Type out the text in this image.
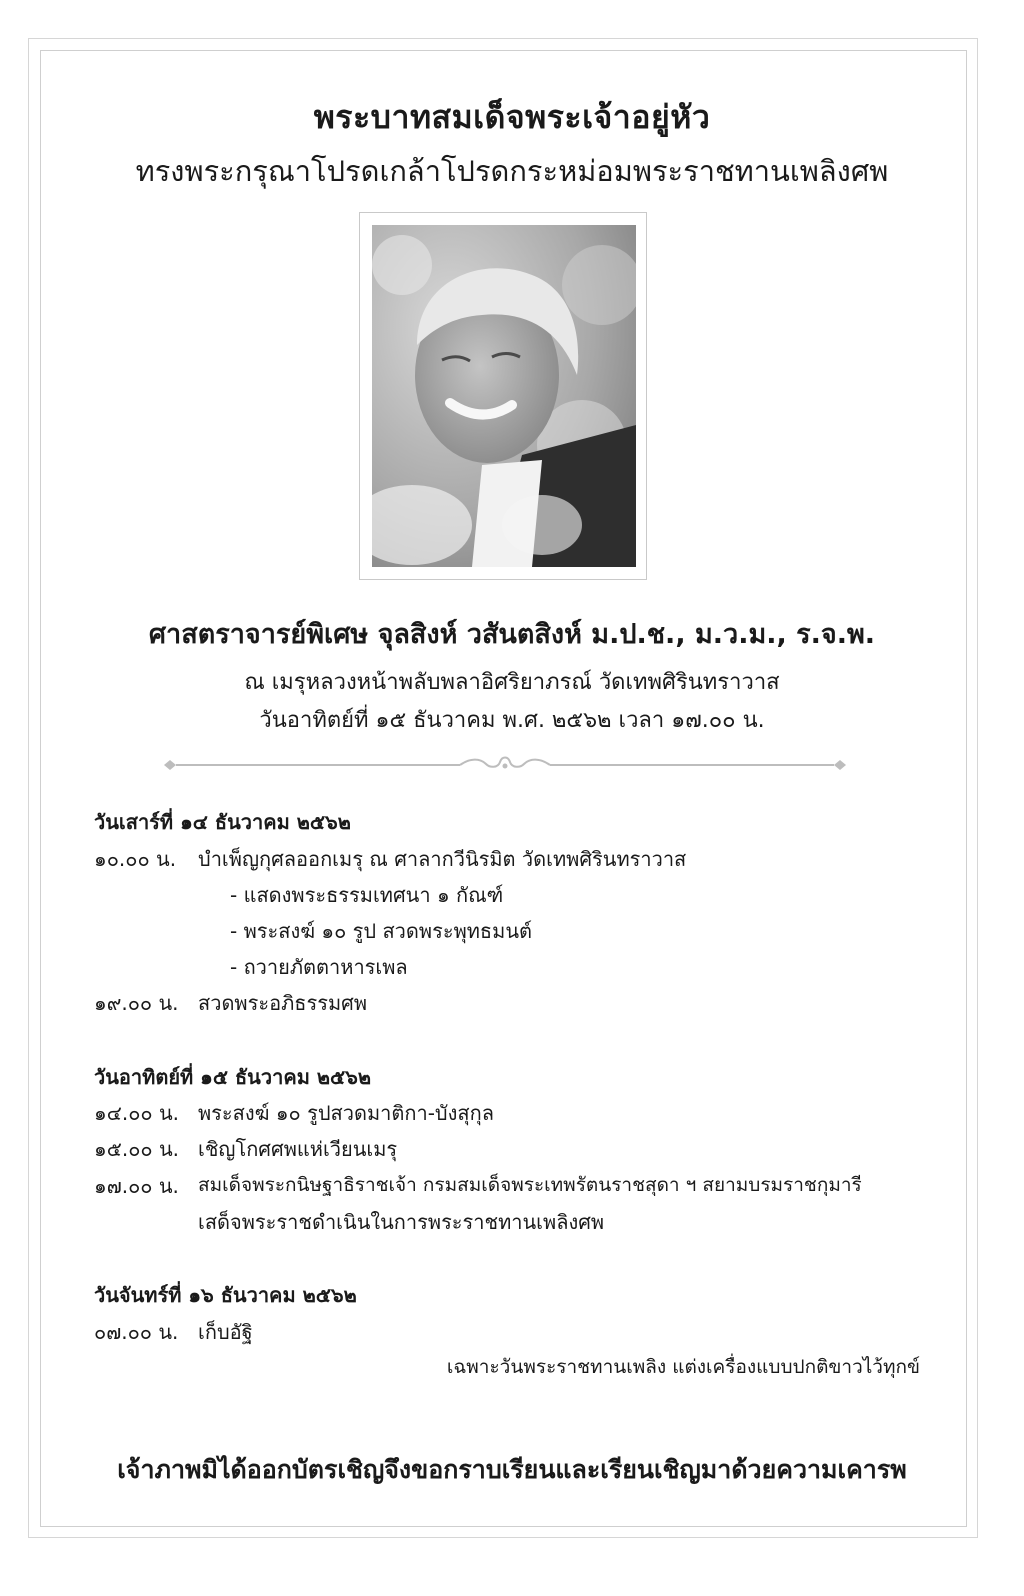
พระบาทสมเด็จพระเจ้าอยู่หัว
ทรงพระกรุณาโปรดเกล้าโปรดกระหม่อมพระราชทานเพลิงศพ
ศาสตราจารย์พิเศษ จุลสิงห์ วสันตสิงห์ ม.ป.ช., ม.ว.ม., ร.จ.พ.
ณ เมรุหลวงหน้าพลับพลาอิศริยาภรณ์ วัดเทพศิรินทราวาส
วันอาทิตย์ที่ ๑๕ ธันวาคม พ.ศ. ๒๕๖๒ เวลา ๑๗.๐๐ น.
วันเสาร์ที่ ๑๔ ธันวาคม ๒๕๖๒
๑๐.๐๐ น. บำเพ็ญกุศลออกเมรุ ณ ศาลากวีนิรมิต วัดเทพศิรินทราวาส
- แสดงพระธรรมเทศนา ๑ กัณฑ์
- พระสงฆ์ ๑๐ รูป สวดพระพุทธมนต์
- ถวายภัตตาหารเพล
๑๙.๐๐ น. สวดพระอภิธรรมศพ
วันอาทิตย์ที่ ๑๕ ธันวาคม ๒๕๖๒
๑๔.๐๐ น. พระสงฆ์ ๑๐ รูปสวดมาติกา-บังสุกุล
๑๕.๐๐ น. เชิญโกศศพแห่เวียนเมรุ
๑๗.๐๐ น. สมเด็จพระกนิษฐาธิราชเจ้า กรมสมเด็จพระเทพรัตนราชสุดา ฯ สยามบรมราชกุมารี
เสด็จพระราชดำเนินในการพระราชทานเพลิงศพ
วันจันทร์ที่ ๑๖ ธันวาคม ๒๕๖๒
๐๗.๐๐ น. เก็บอัฐิ
เฉพาะวันพระราชทานเพลิง แต่งเครื่องแบบปกติขาวไว้ทุกข์
เจ้าภาพมิได้ออกบัตรเชิญจึงขอกราบเรียนและเรียนเชิญมาด้วยความเคารพ
